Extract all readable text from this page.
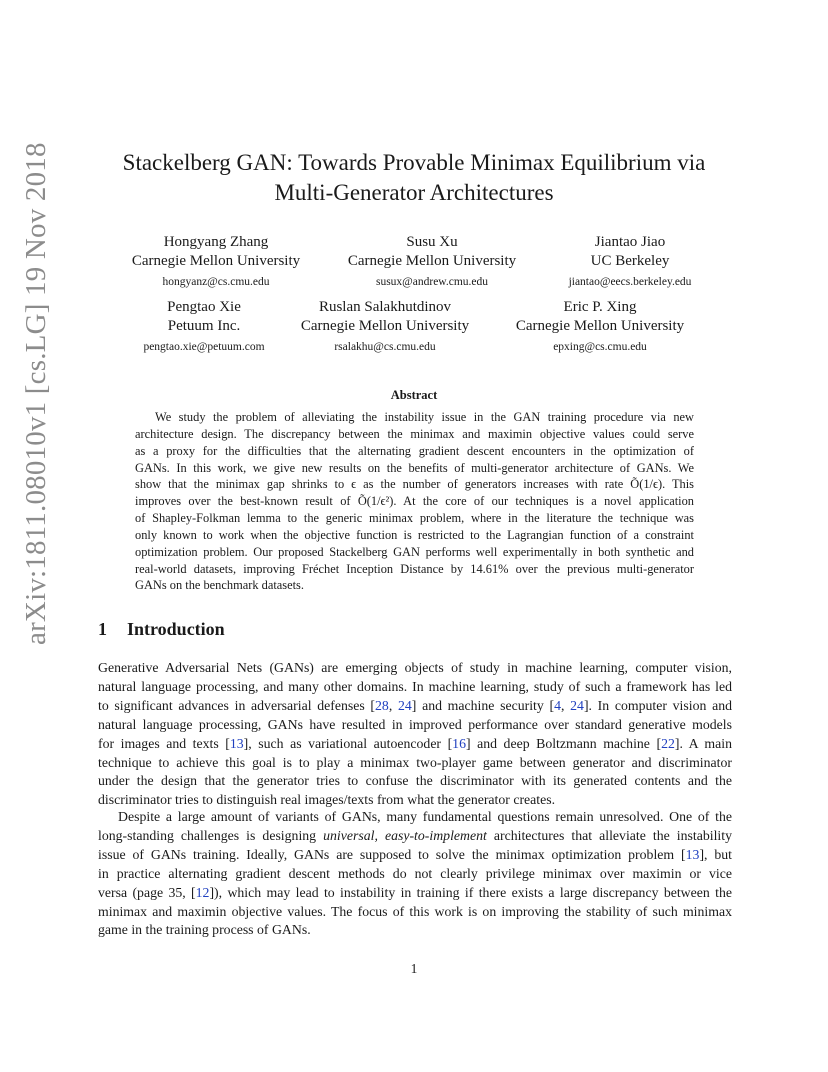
arXiv:1811.08010v1 [cs.LG] 19 Nov 2018	Stackelberg GAN: Towards Provable Minimax Equilibrium via
Multi-Generator Architectures
Hongyang Zhang
Carnegie Mellon University
hongyanz@cs.cmu.edu
Susu Xu
Carnegie Mellon University
susux@andrew.cmu.edu
Jiantao Jiao
UC Berkeley
jiantao@eecs.berkeley.edu
Pengtao Xie
Petuum Inc.
pengtao.xie@petuum.com
Ruslan Salakhutdinov
Carnegie Mellon University
rsalakhu@cs.cmu.edu
Eric P. Xing
Carnegie Mellon University
epxing@cs.cmu.edu
Abstract
We study the problem of alleviating the instability issue in the GAN training procedure via new
architecture design. The discrepancy between the minimax and maximin objective values could serve
as a proxy for the difficulties that the alternating gradient descent encounters in the optimization of
GANs. In this work, we give new results on the benefits of multi-generator architecture of GANs. We
show that the minimax gap shrinks to ϵ as the number of generators increases with rate Õ(1/ϵ). This
improves over the best-known result of Õ(1/ϵ²). At the core of our techniques is a novel application
of Shapley-Folkman lemma to the generic minimax problem, where in the literature the technique was
only known to work when the objective function is restricted to the Lagrangian function of a constraint
optimization problem. Our proposed Stackelberg GAN performs well experimentally in both synthetic and
real-world datasets, improving Fréchet Inception Distance by 14.61% over the previous multi-generator
GANs on the benchmark datasets.
1 Introduction
Generative Adversarial Nets (GANs) are emerging objects of study in machine learning, computer vision,
natural language processing, and many other domains. In machine learning, study of such a framework has led
to significant advances in adversarial defenses [28, 24] and machine security [4, 24]. In computer vision and
natural language processing, GANs have resulted in improved performance over standard generative models
for images and texts [13], such as variational autoencoder [16] and deep Boltzmann machine [22]. A main
technique to achieve this goal is to play a minimax two-player game between generator and discriminator
under the design that the generator tries to confuse the discriminator with its generated contents and the
discriminator tries to distinguish real images/texts from what the generator creates.
Despite a large amount of variants of GANs, many fundamental questions remain unresolved. One of the
long-standing challenges is designing universal, easy-to-implement architectures that alleviate the instability
issue of GANs training. Ideally, GANs are supposed to solve the minimax optimization problem [13], but
in practice alternating gradient descent methods do not clearly privilege minimax over maximin or vice
versa (page 35, [12]), which may lead to instability in training if there exists a large discrepancy between the
minimax and maximin objective values. The focus of this work is on improving the stability of such minimax
game in the training process of GANs.
1
